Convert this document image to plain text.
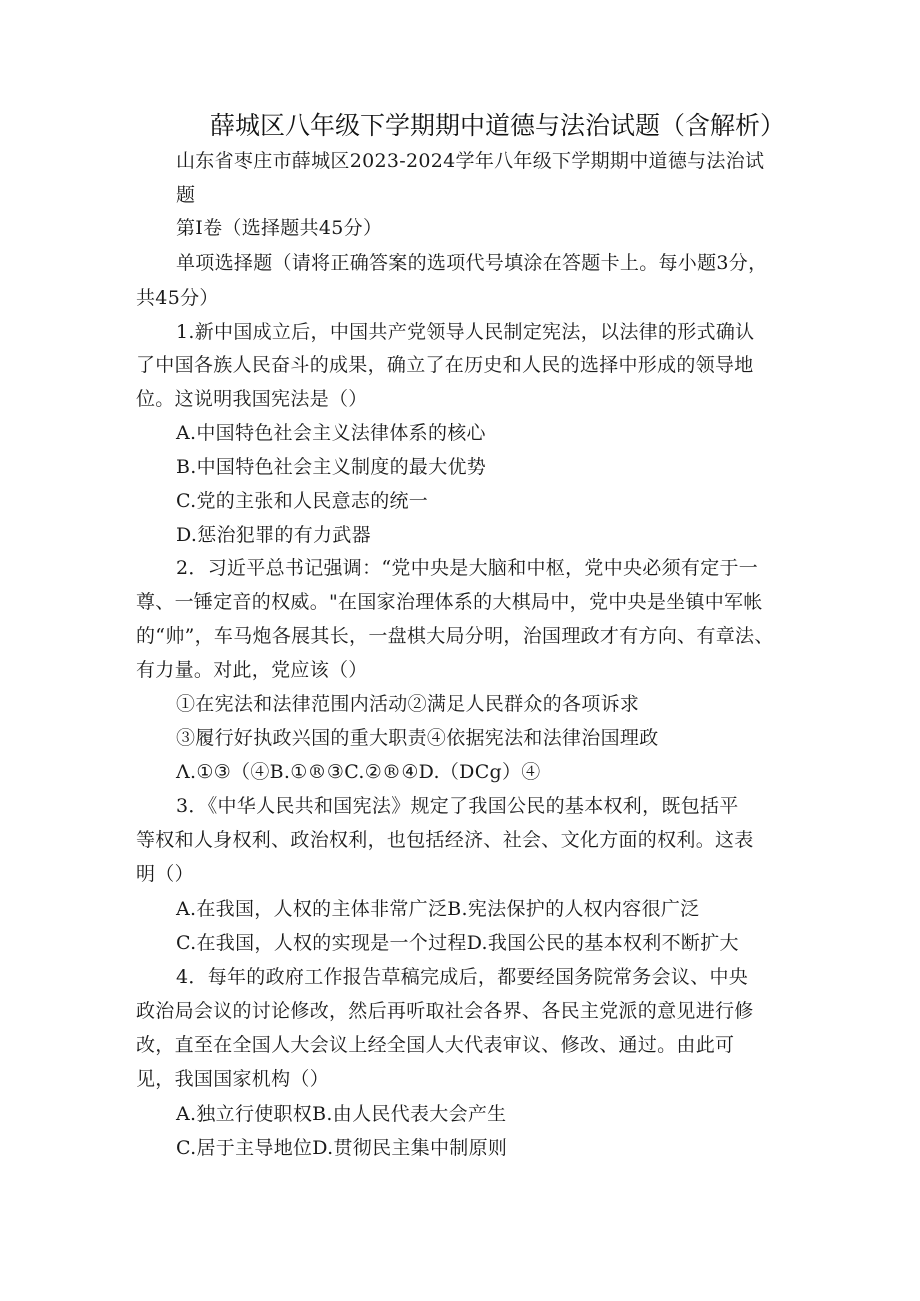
薛城区八年级下学期期中道德与法治试题（含解析）
山东省枣庄市薛城区2023-2024学年八年级下学期期中道德与法治试
题
第Ⅰ卷（选择题共45分）
单项选择题（请将正确答案的选项代号填涂在答题卡上。每小题3分，
共45分）
1.新中国成立后，中国共产党领导人民制定宪法，以法律的形式确认
了中国各族人民奋斗的成果，确立了在历史和人民的选择中形成的领导地
位。这说明我国宪法是（）
A.中国特色社会主义法律体系的核心
B.中国特色社会主义制度的最大优势
C.党的主张和人民意志的统一
D.惩治犯罪的有力武器
2．习近平总书记强调：“党中央是大脑和中枢，党中央必须有定于一
尊、一锤定音的权威。"在国家治理体系的大棋局中，党中央是坐镇中军帐
的“帅”，车马炮各展其长，一盘棋大局分明，治国理政才有方向、有章法、
有力量。对此，党应该（）
①在宪法和法律范围内活动②满足人民群众的各项诉求
③履行好执政兴国的重大职责④依据宪法和法律治国理政
Λ.①③（④B.①®③C.②®④D.（DCg）④
3．《中华人民共和国宪法》规定了我国公民的基本权利，既包括平
等权和人身权利、政治权利，也包括经济、社会、文化方面的权利。这表
明（）
A.在我国，人权的主体非常广泛B.宪法保护的人权内容很广泛
C.在我国，人权的实现是一个过程D.我国公民的基本权利不断扩大
4．每年的政府工作报告草稿完成后，都要经国务院常务会议、中央
政治局会议的讨论修改，然后再听取社会各界、各民主党派的意见进行修
改，直至在全国人大会议上经全国人大代表审议、修改、通过。由此可
见，我国国家机构（）
A.独立行使职权B.由人民代表大会产生
C.居于主导地位D.贯彻民主集中制原则
